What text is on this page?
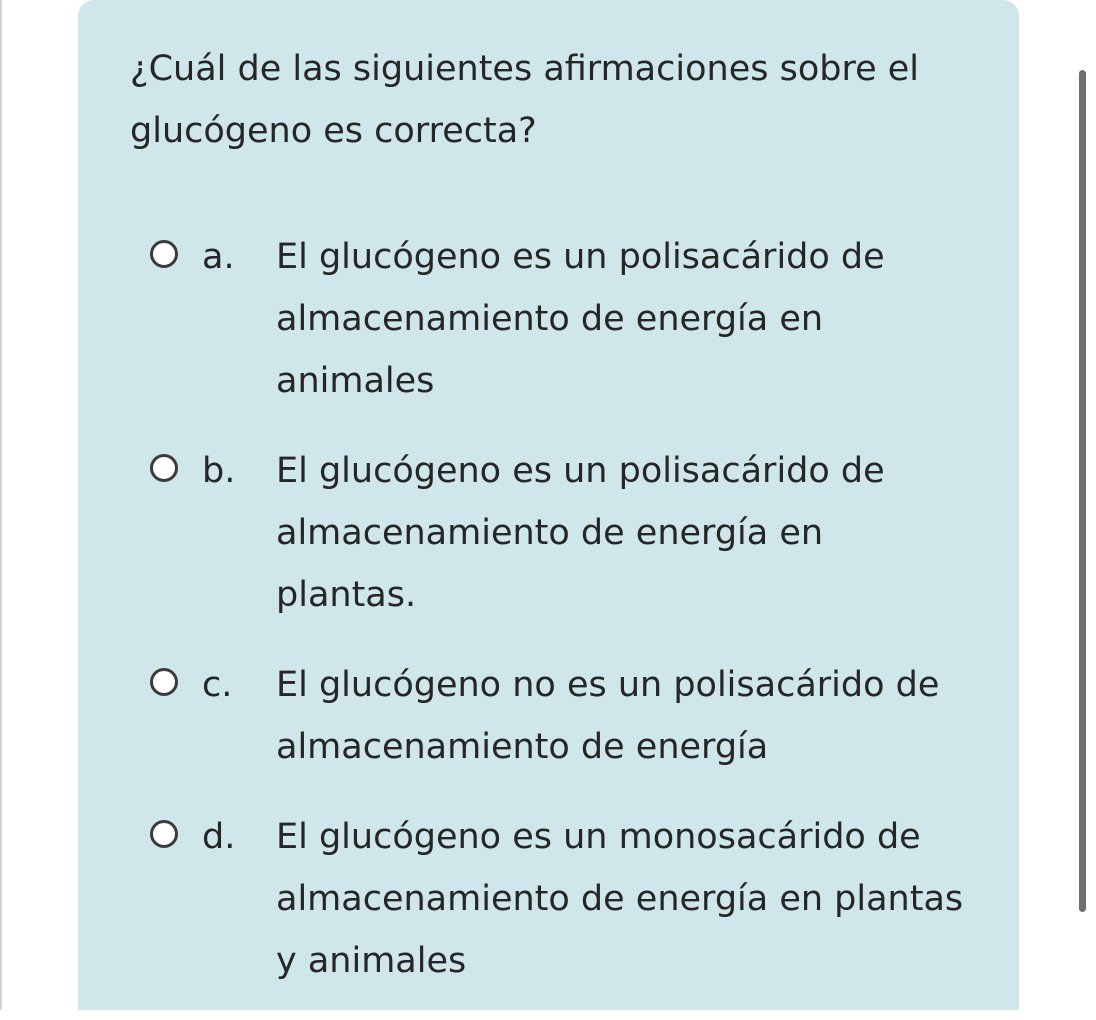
¿Cuál de las siguientes afirmaciones sobre el glucógeno es correcta?

a. El glucógeno es un polisacárido de almacenamiento de energía en animales
b. El glucógeno es un polisacárido de almacenamiento de energía en plantas.
c. El glucógeno no es un polisacárido de almacenamiento de energía
d. El glucógeno es un monosacárido de almacenamiento de energía en plantas y animales
